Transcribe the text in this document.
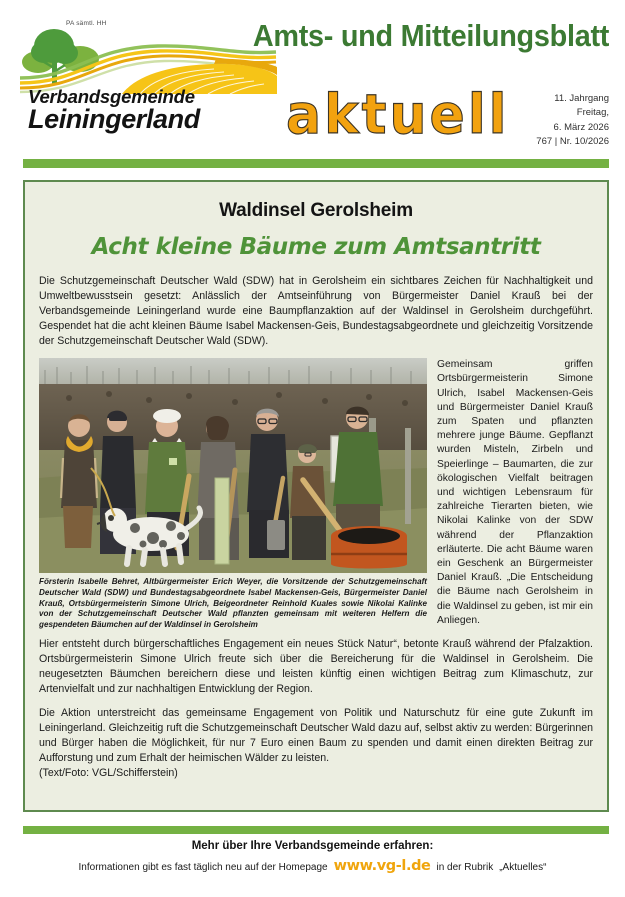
PA sämtl. HH	Amts- und Mitteilungsblatt
Verbandsgemeinde
Leiningerland aktuell	11. Jahrgang
Freitag,
6. März 2026
767 | Nr. 10/2026
Waldinsel Gerolsheim
Acht kleine Bäume zum Amtsantritt

Die Schutzgemeinschaft Deutscher Wald (SDW) hat in Gerolsheim ein sichtbares Zeichen für Nachhaltigkeit und Umweltbewusstsein gesetzt: Anlässlich der Amtseinführung von Bürgermeister Daniel Krauß bei der Verbandsgemeinde Leiningerland wurde eine Baumpflanzaktion auf der Waldinsel in Gerolsheim durchgeführt. Gespendet hat die acht kleinen Bäume Isabel Mackensen-Geis, Bundestagsabgeordnete und gleichzeitig Vorsitzende der Schutzgemeinschaft Deutscher Wald (SDW).

Försterin Isabelle Behret, Altbürgermeister Erich Weyer, die Vorsitzende der Schutzgemeinschaft Deutscher Wald (SDW) und Bundestagsabgeordnete Isabel Mackensen-Geis, Bürgermeister Daniel Krauß, Ortsbürgermeisterin Simone Ulrich, Beigeordneter Reinhold Kuales sowie Nikolai Kalinke von der Schutzgemeinschaft Deutscher Wald pflanzten gemeinsam mit weiteren Helfern die gespendeten Bäumchen auf der Waldinsel in Gerolsheim
Gemeinsam griffen Ortsbürgermeisterin Simone Ulrich, Isabel Mackensen-Geis und Bürgermeister Daniel Krauß zum Spaten und pflanzten mehrere junge Bäume. Gepflanzt wurden Misteln, Zirbeln und Speierlinge – Baumarten, die zur ökologischen Vielfalt beitragen und wichtigen Lebensraum für zahlreiche Tierarten bieten, wie Nikolai Kalinke von der SDW während der Pflanzaktion erläuterte. Die acht Bäume waren ein Geschenk an Bürgermeister Daniel Krauß. „Die Entscheidung die Bäume nach Gerolsheim in die Waldinsel zu geben, ist mir ein Anliegen.

Hier entsteht durch bürgerschaftliches Engagement ein neues Stück Natur“, betonte Krauß während der Pfalzaktion. Ortsbürgermeisterin Simone Ulrich freute sich über die Bereicherung für die Waldinsel in Gerolsheim. Die neugesetzten Bäumchen bereichern diese und leisten künftig einen wichtigen Beitrag zum Klimaschutz, zur Artenvielfalt und zur nachhaltigen Entwicklung der Region.

Die Aktion unterstreicht das gemeinsame Engagement von Politik und Naturschutz für eine gute Zukunft im Leiningerland. Gleichzeitig ruft die Schutzgemeinschaft Deutscher Wald dazu auf, selbst aktiv zu werden: Bürgerinnen und Bürger haben die Möglichkeit, für nur 7 Euro einen Baum zu spenden und damit einen direkten Beitrag zur Aufforstung und zum Erhalt der heimischen Wälder zu leisten.

(Text/Foto: VGL/Schifferstein)

Mehr über Ihre Verbandsgemeinde erfahren:
Informationen gibt es fast täglich neu auf der Homepage www.vg-l.de in der Rubrik „Aktuelles“
